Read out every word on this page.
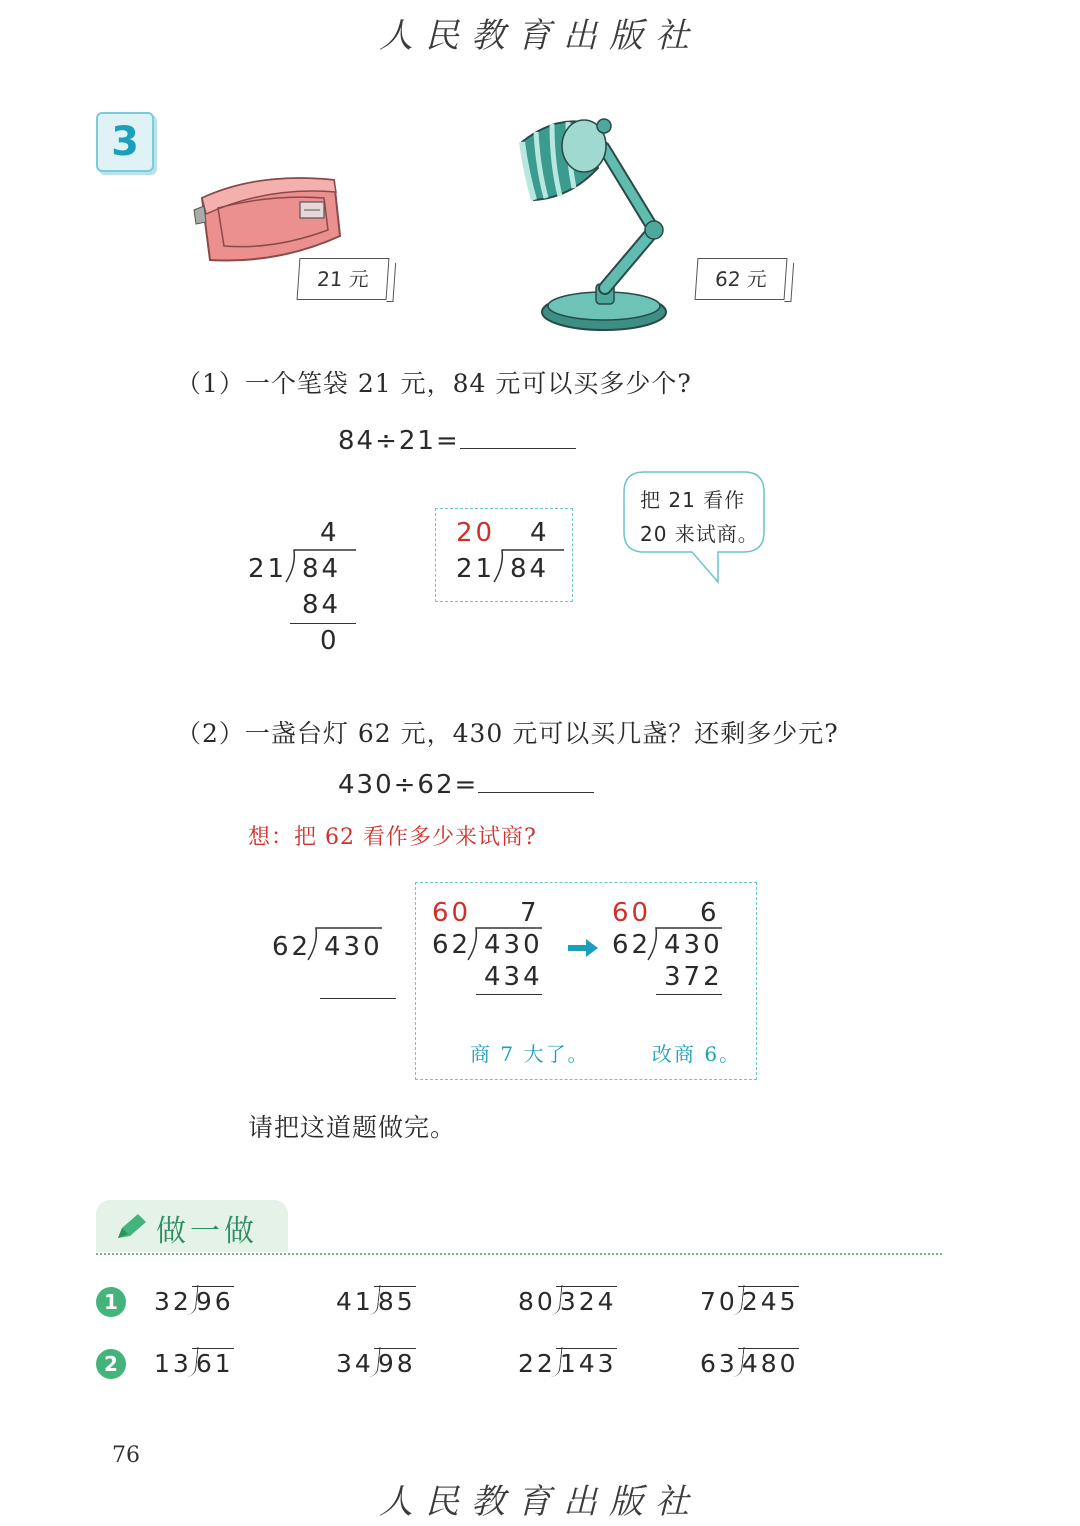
人民教育出版社
3
21 元	62 元
（1）一个笔袋 21 元，84 元可以买多少个?
84÷21=
4
21 84
84
0
20 4
21 84
把 21 看作
20 来试商。
（2）一盏台灯 62 元，430 元可以买几盏？还剩多少元?
430÷62=
想：把 62 看作多少来试商?
62 430
60 7
62 430
434
商 7 大了。
60 6
62 430
372
改商 6。
请把这道题做完。
做一做
1	32 96	41 85	80 324	70 245
2	13 61	34 98	22 143	63 480
76
人民教育出版社
